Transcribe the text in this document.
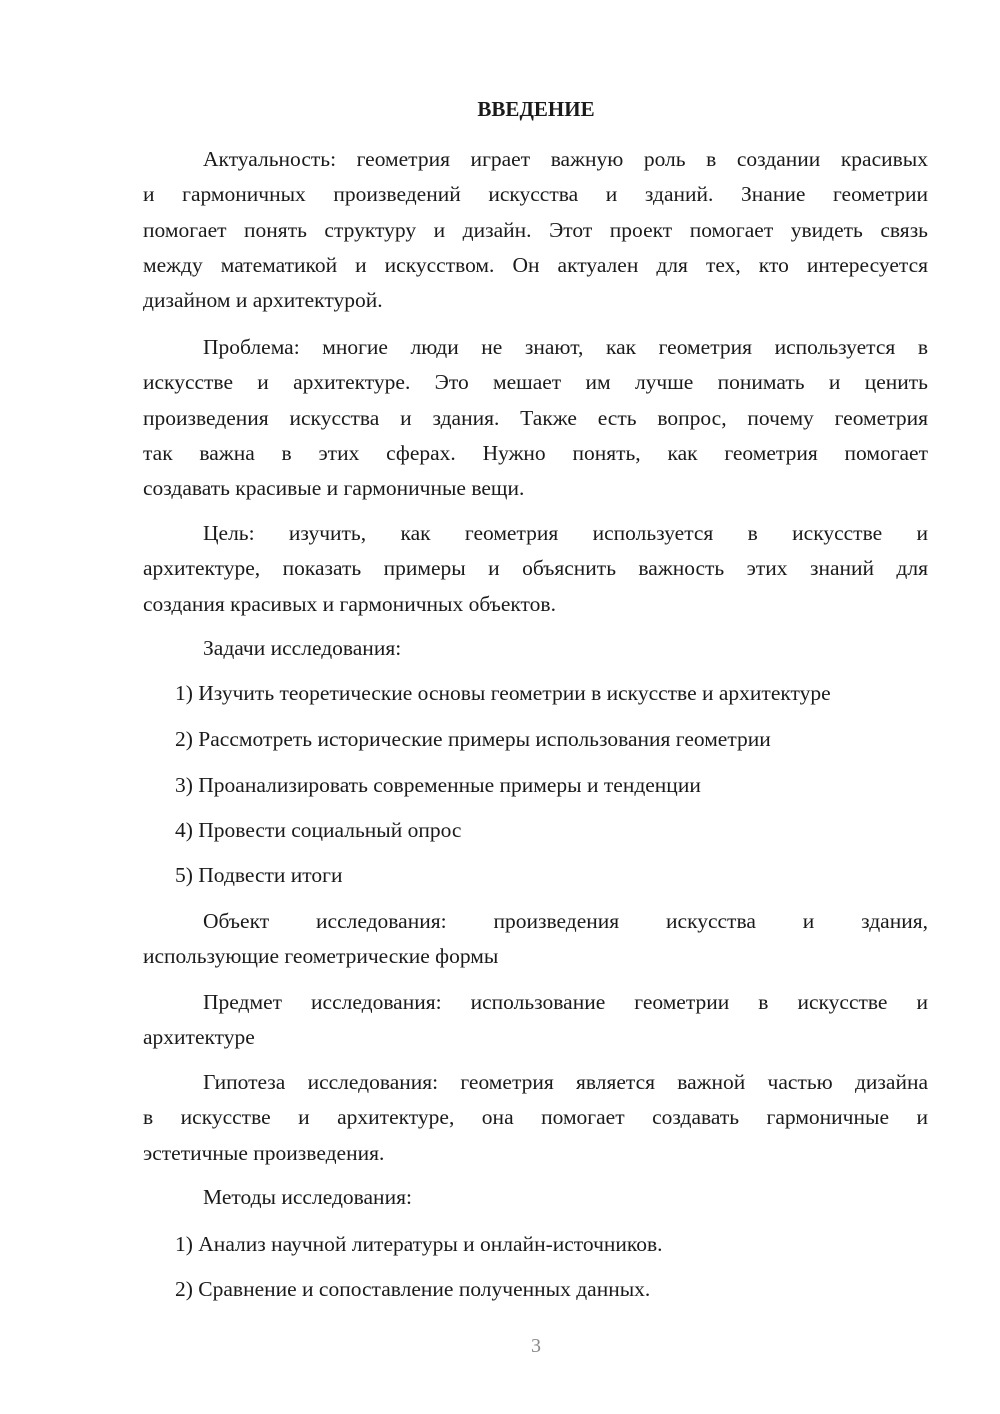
ВВЕДЕНИЕ
Актуальность: геометрия играет важную роль в создании красивых
и гармоничных произведений искусства и зданий. Знание геометрии
помогает понять структуру и дизайн. Этот проект помогает увидеть связь
между математикой и искусством. Он актуален для тех, кто интересуется
дизайном и архитектурой.
Проблема: многие люди не знают, как геометрия используется в
искусстве и архитектуре. Это мешает им лучше понимать и ценить
произведения искусства и здания. Также есть вопрос, почему геометрия
так важна в этих сферах. Нужно понять, как геометрия помогает
создавать красивые и гармоничные вещи.
Цель: изучить, как геометрия используется в искусстве и
архитектуре, показать примеры и объяснить важность этих знаний для
создания красивых и гармоничных объектов.
Задачи исследования:
1) Изучить теоретические основы геометрии в искусстве и архитектуре
2) Рассмотреть исторические примеры использования геометрии
3) Проанализировать современные примеры и тенденции
4) Провести социальный опрос
5) Подвести итоги
Объект исследования: произведения искусства и здания,
использующие геометрические формы
Предмет исследования: использование геометрии в искусстве и
архитектуре
Гипотеза исследования: геометрия является важной частью дизайна
в искусстве и архитектуре, она помогает создавать гармоничные и
эстетичные произведения.
Методы исследования:
1) Анализ научной литературы и онлайн-источников.
2) Сравнение и сопоставление полученных данных.
3
